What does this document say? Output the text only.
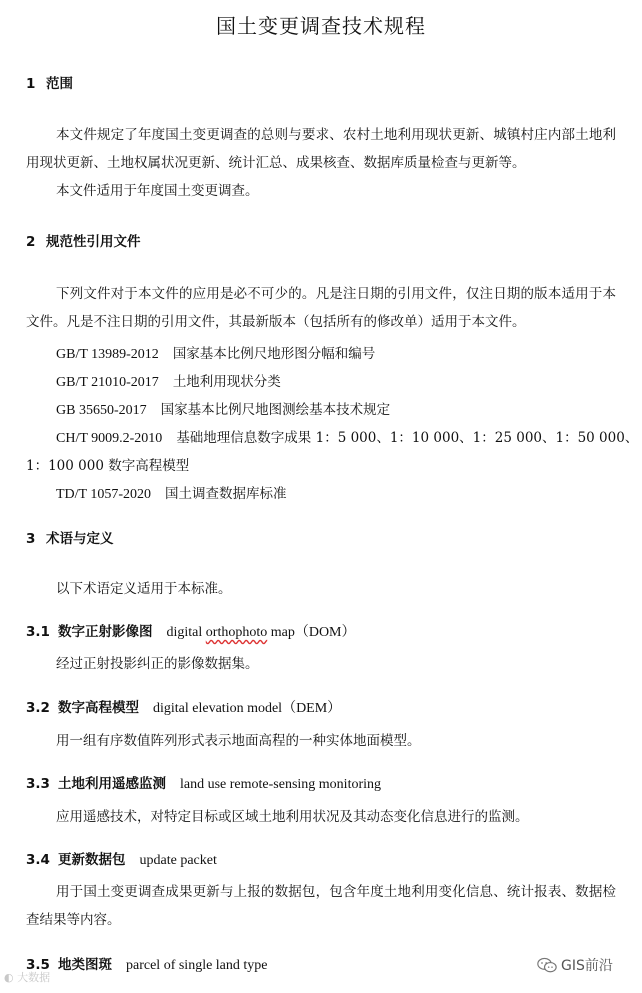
国土变更调查技术规程
1 范围
本文件规定了年度国土变更调查的总则与要求、农村土地利用现状更新、城镇村庄内部土地利用现状更新、土地权属状况更新、统计汇总、成果核查、数据库质量检查与更新等。
本文件适用于年度国土变更调查。
2 规范性引用文件
下列文件对于本文件的应用是必不可少的。凡是注日期的引用文件，仅注日期的版本适用于本文件。凡是不注日期的引用文件，其最新版本（包括所有的修改单）适用于本文件。
GB/T 13989-2012 国家基本比例尺地形图分幅和编号
GB/T 21010-2017 土地利用现状分类
GB 35650-2017 国家基本比例尺地图测绘基本技术规定
CH/T 9009.2-2010 基础地理信息数字成果 1：5 000、1：10 000、1：25 000、1：50 000、
1：100 000 数字高程模型
TD/T 1057-2020 国土调查数据库标准
3 术语与定义
以下术语定义适用于本标准。
3.1 数字正射影像图 digital orthophoto map（DOM）
经过正射投影纠正的影像数据集。
3.2 数字高程模型 digital elevation model（DEM）
用一组有序数值阵列形式表示地面高程的一种实体地面模型。
3.3 土地利用遥感监测 land use remote-sensing monitoring
应用遥感技术，对特定目标或区域土地利用状况及其动态变化信息进行的监测。
3.4 更新数据包 update packet
用于国土变更调查成果更新与上报的数据包，包含年度土地利用变化信息、统计报表、数据检查结果等内容。
3.5 地类图斑 parcel of single land type
◐ 大数据
GIS前沿
